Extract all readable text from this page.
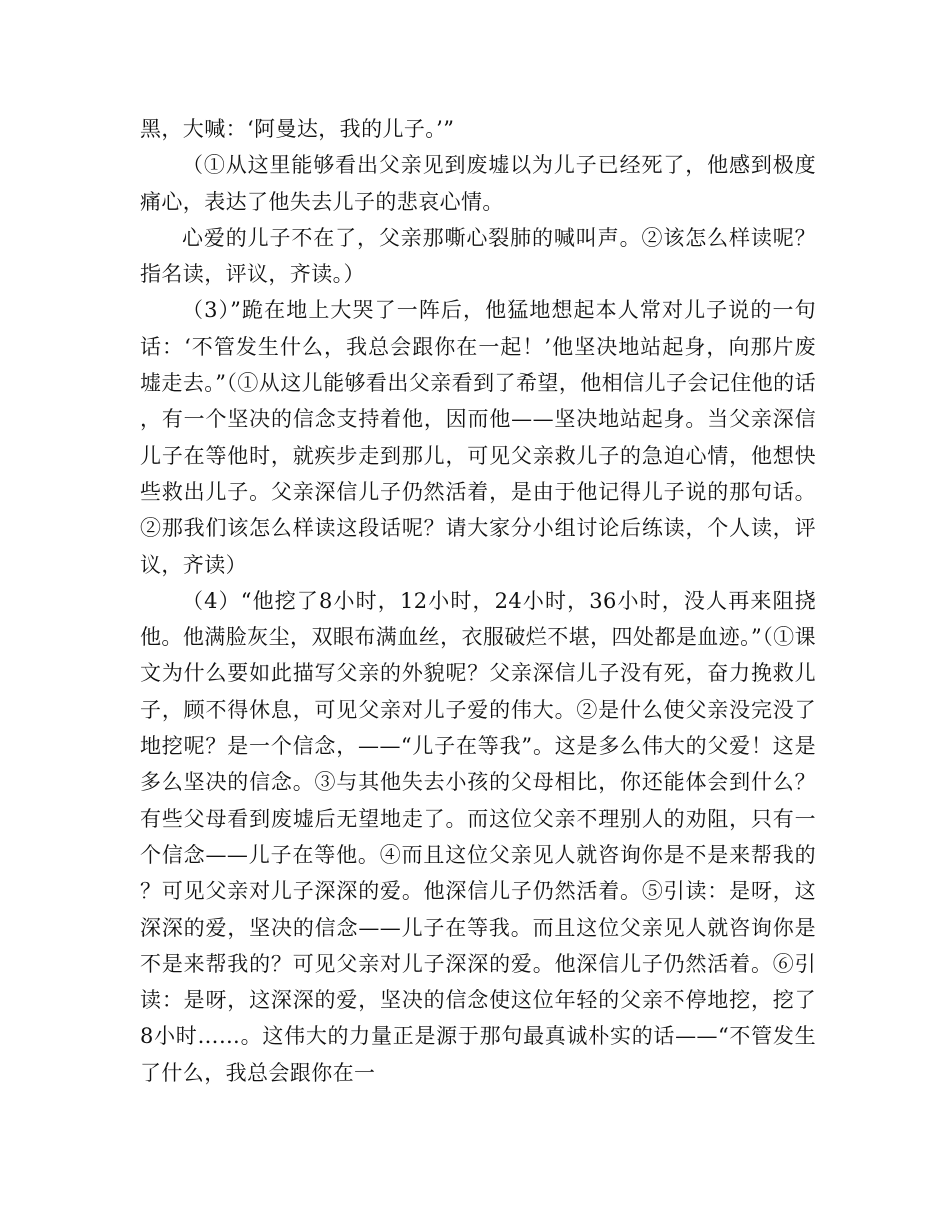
黑，大喊：‘阿曼达，我的儿子。’”

（①从这里能够看出父亲见到废墟以为儿子已经死了，他感到极度痛心，表达了他失去儿子的悲哀心情。

心爱的儿子不在了，父亲那嘶心裂肺的喊叫声。②该怎么样读呢？指名读，评议，齐读。）

（3）”跪在地上大哭了一阵后，他猛地想起本人常对儿子说的一句话：‘不管发生什么，我总会跟你在一起！’他坚决地站起身，向那片废墟走去。”（①从这儿能够看出父亲看到了希望，他相信儿子会记住他的话，有一个坚决的信念支持着他，因而他——坚决地站起身。当父亲深信儿子在等他时，就疾步走到那儿，可见父亲救儿子的急迫心情，他想快些救出儿子。父亲深信儿子仍然活着，是由于他记得儿子说的那句话。②那我们该怎么样读这段话呢？请大家分小组讨论后练读，个人读，评议，齐读）

（4）“他挖了8小时，12小时，24小时，36小时，没人再来阻挠他。他满脸灰尘，双眼布满血丝，衣服破烂不堪，四处都是血迹。”（①课文为什么要如此描写父亲的外貌呢？父亲深信儿子没有死，奋力挽救儿子，顾不得休息，可见父亲对儿子爱的伟大。②是什么使父亲没完没了地挖呢？是一个信念，——“儿子在等我”。这是多么伟大的父爱！这是多么坚决的信念。③与其他失去小孩的父母相比，你还能体会到什么？有些父母看到废墟后无望地走了。而这位父亲不理别人的劝阻，只有一个信念——儿子在等他。④而且这位父亲见人就咨询你是不是来帮我的？可见父亲对儿子深深的爱。他深信儿子仍然活着。⑤引读：是呀，这深深的爱，坚决的信念——儿子在等我。而且这位父亲见人就咨询你是不是来帮我的？可见父亲对儿子深深的爱。他深信儿子仍然活着。⑥引读：是呀，这深深的爱，坚决的信念使这位年轻的父亲不停地挖，挖了8小时……。这伟大的力量正是源于那句最真诚朴实的话——“不管发生了什么，我总会跟你在一
